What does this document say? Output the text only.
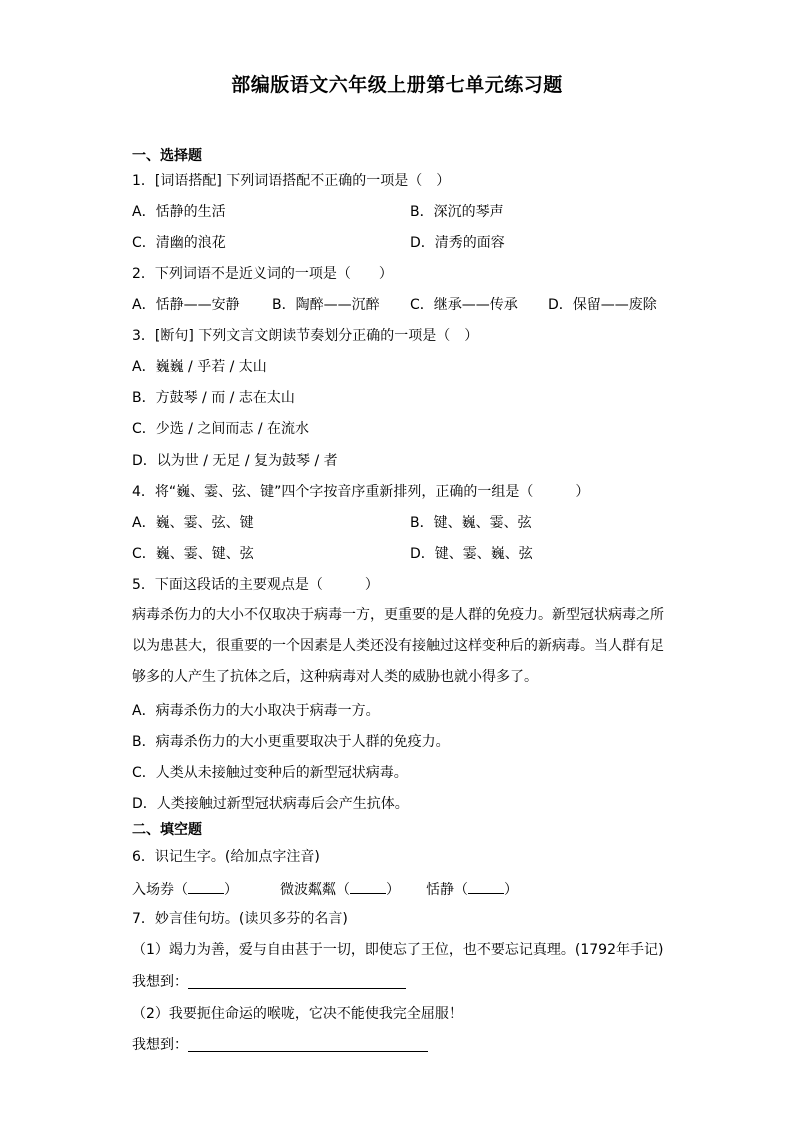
部编版语文六年级上册第七单元练习题
一、选择题
1．[词语搭配] 下列词语搭配不正确的一项是（　）
A．恬静的生活	B．深沉的琴声
C．清幽的浪花	D．清秀的面容
2．下列词语不是近义词的一项是（　　）
A．恬静——安静 B．陶醉——沉醉 C．继承——传承 D．保留——废除
3．[断句] 下列文言文朗读节奏划分正确的一项是（　）
A．巍巍 / 乎若 / 太山
B．方鼓琴 / 而 / 志在太山
C．少选 / 之间而志 / 在流水
D．以为世 / 无足 / 复为鼓琴 / 者
4．将“巍、霎、弦、键”四个字按音序重新排列，正确的一组是（　　　）
A．巍、霎、弦、键	B．键、巍、霎、弦
C．巍、霎、键、弦	D．键、霎、巍、弦
5．下面这段话的主要观点是（　　　）
病毒杀伤力的大小不仅取决于病毒一方，更重要的是人群的免疫力。新型冠状病毒之所以为患甚大，很重要的一个因素是人类还没有接触过这样变种后的新病毒。当人群有足够多的人产生了抗体之后，这种病毒对人类的威胁也就小得多了。
A．病毒杀伤力的大小取决于病毒一方。
B．病毒杀伤力的大小更重要取决于人群的免疫力。
C．人类从未接触过变种后的新型冠状病毒。
D．人类接触过新型冠状病毒后会产生抗体。
二、填空题
6．识记生字。(给加点字注音)
入场券（	）	微波粼粼（	） 恬静（	）
7．妙言佳句坊。(读贝多芬的名言)
（1）竭力为善，爱与自由甚于一切，即使忘了王位，也不要忘记真理。(1792年手记)
我想到：
（2）我要扼住命运的喉咙，它决不能使我完全屈服！
我想到：
